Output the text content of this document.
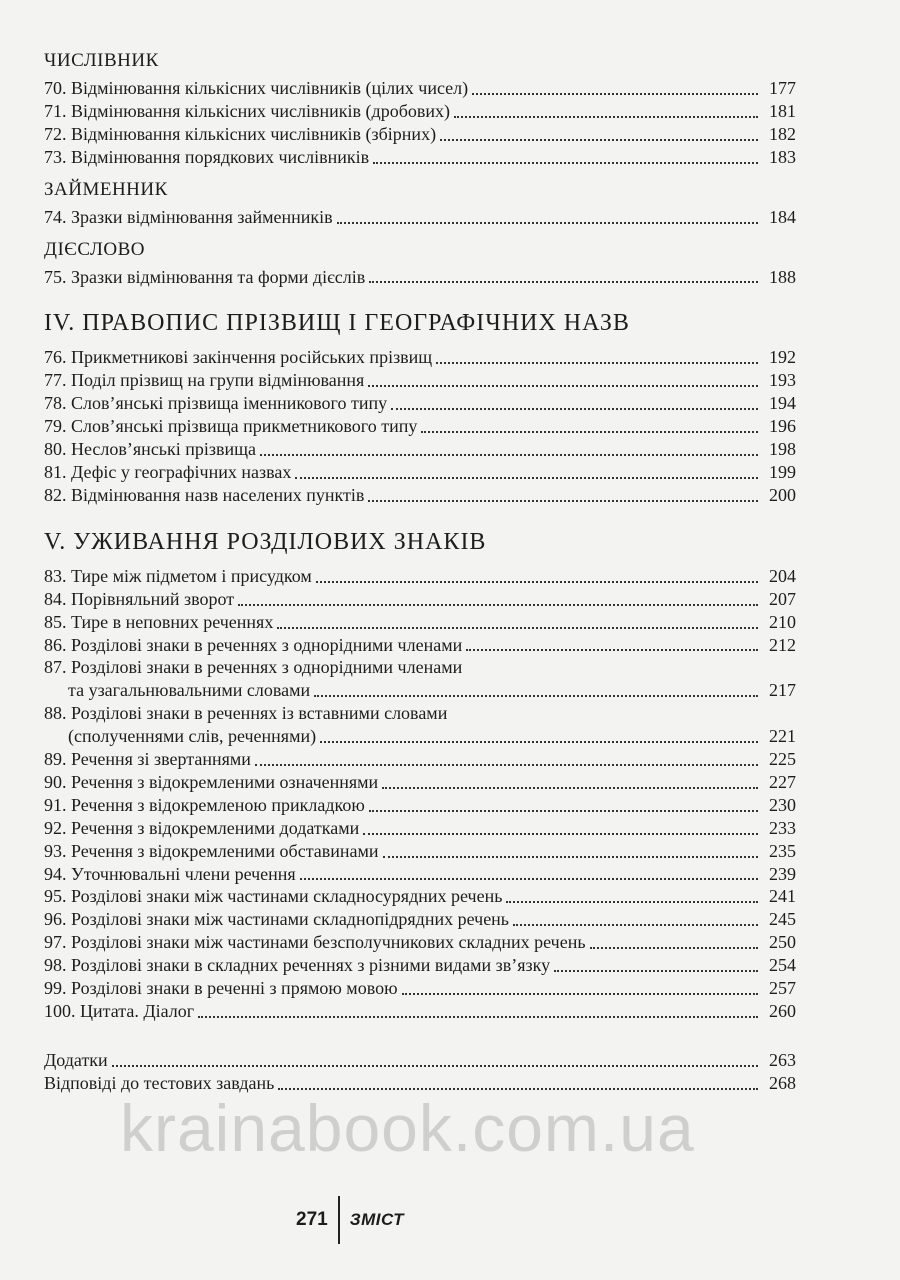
ЧИСЛІВНИК
70. Відмінювання кількісних числівників (цілих чисел)	177
71. Відмінювання кількісних числівників (дробових)	181
72. Відмінювання кількісних числівників (збірних)	182
73. Відмінювання порядкових числівників	183
ЗАЙМЕННИК
74. Зразки відмінювання займенників	184
ДІЄСЛОВО
75. Зразки відмінювання та форми дієслів	188
IV. ПРАВОПИС ПРІЗВИЩ І ГЕОГРАФІЧНИХ НАЗВ
76. Прикметникові закінчення російських прізвищ	192
77. Поділ прізвищ на групи відмінювання	193
78. Слов’янські прізвища іменникового типу	194
79. Слов’янські прізвища прикметникового типу	196
80. Неслов’янські прізвища	198
81. Дефіс у географічних назвах	199
82. Відмінювання назв населених пунктів	200
V. УЖИВАННЯ РОЗДІЛОВИХ ЗНАКІВ
83. Тире між підметом і присудком	204
84. Порівняльний зворот	207
85. Тире в неповних реченнях	210
86. Розділові знаки в реченнях з однорідними членами	212
87. Розділові знаки в реченнях з однорідними членами
та узагальнювальними словами	217
88. Розділові знаки в реченнях із вставними словами
(сполученнями слів, реченнями)	221
89. Речення зі звертаннями	225
90. Речення з відокремленими означеннями	227
91. Речення з відокремленою прикладкою	230
92. Речення з відокремленими додатками	233
93. Речення з відокремленими обставинами	235
94. Уточнювальні члени речення	239
95. Розділові знаки між частинами складносурядних речень	241
96. Розділові знаки між частинами складнопідрядних речень	245
97. Розділові знаки між частинами безсполучникових складних речень	250
98. Розділові знаки в складних реченнях з різними видами зв’язку	254
99. Розділові знаки в реченні з прямою мовою	257
100. Цитата. Діалог	260
Додатки	263
Відповіді до тестових завдань	268
krainabook.com.ua
271 ЗМІСТ
